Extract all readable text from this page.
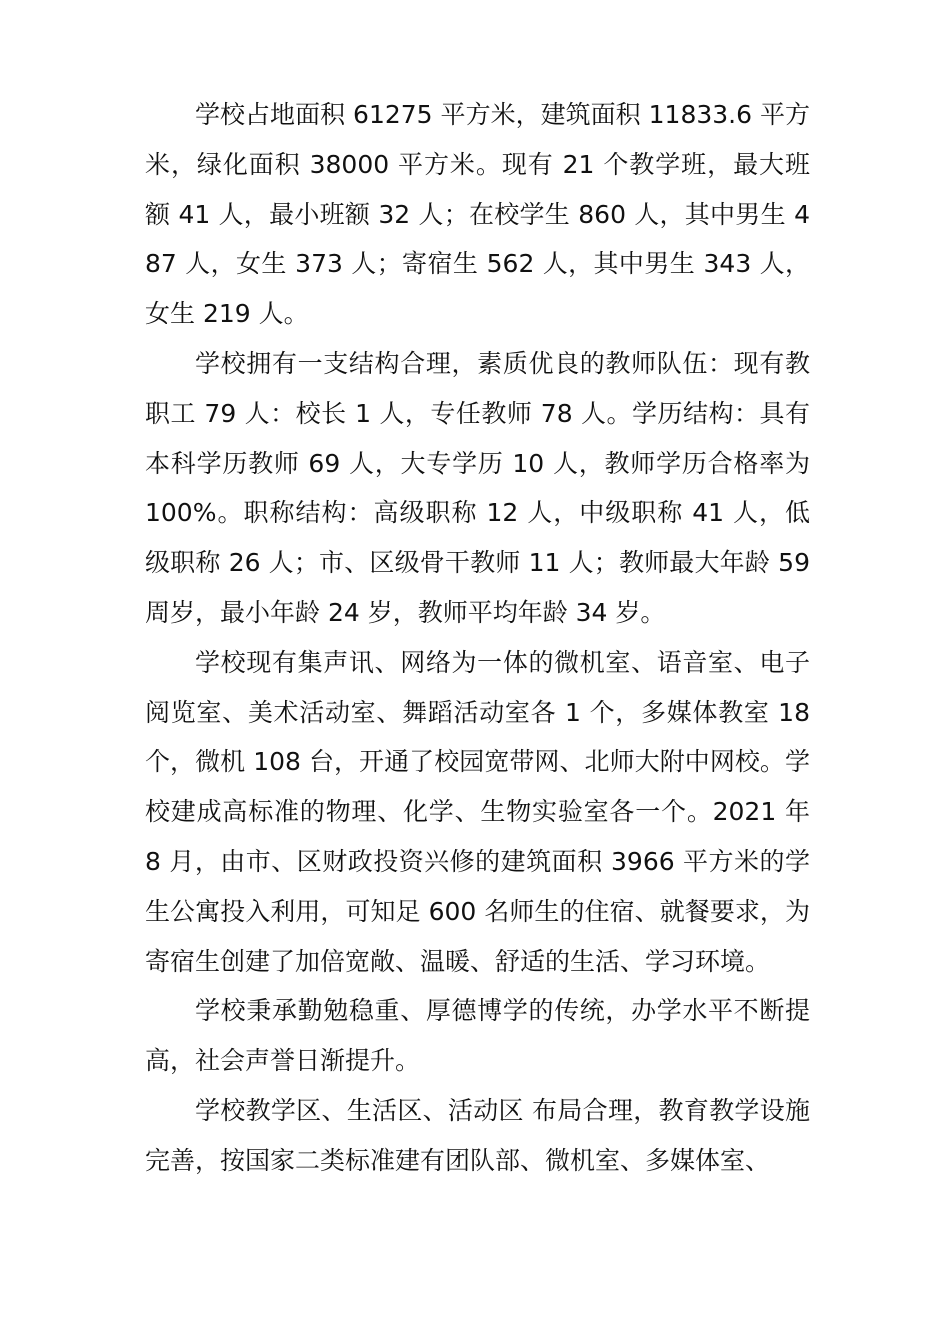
学校占地面积 61275 平方米，建筑面积 11833.6 平方米，绿化面积 38000 平方米。现有 21 个教学班，最大班额 41 人，最小班额 32 人；在校学生 860 人，其中男生 487 人，女生 373 人；寄宿生 562 人，其中男生 343 人，女生 219 人。

学校拥有一支结构合理，素质优良的教师队伍：现有教职工 79 人：校长 1 人，专任教师 78 人。学历结构：具有本科学历教师 69 人，大专学历 10 人，教师学历合格率为 100%。职称结构：高级职称 12 人，中级职称 41 人，低级职称 26 人；市、区级骨干教师 11 人；教师最大年龄 59 周岁，最小年龄 24 岁，教师平均年龄 34 岁。

学校现有集声讯、网络为一体的微机室、语音室、电子阅览室、美术活动室、舞蹈活动室各 1 个，多媒体教室 18 个，微机 108 台，开通了校园宽带网、北师大附中网校。学校建成高标准的物理、化学、生物实验室各一个。2021 年 8 月，由市、区财政投资兴修的建筑面积 3966 平方米的学生公寓投入利用，可知足 600 名师生的住宿、就餐要求，为寄宿生创建了加倍宽敞、温暖、舒适的生活、学习环境。

学校秉承勤勉稳重、厚德博学的传统，办学水平不断提高，社会声誉日渐提升。

学校教学区、生活区、活动区 布局合理，教育教学设施完善，按国家二类标准建有团队部、微机室、多媒体室、
